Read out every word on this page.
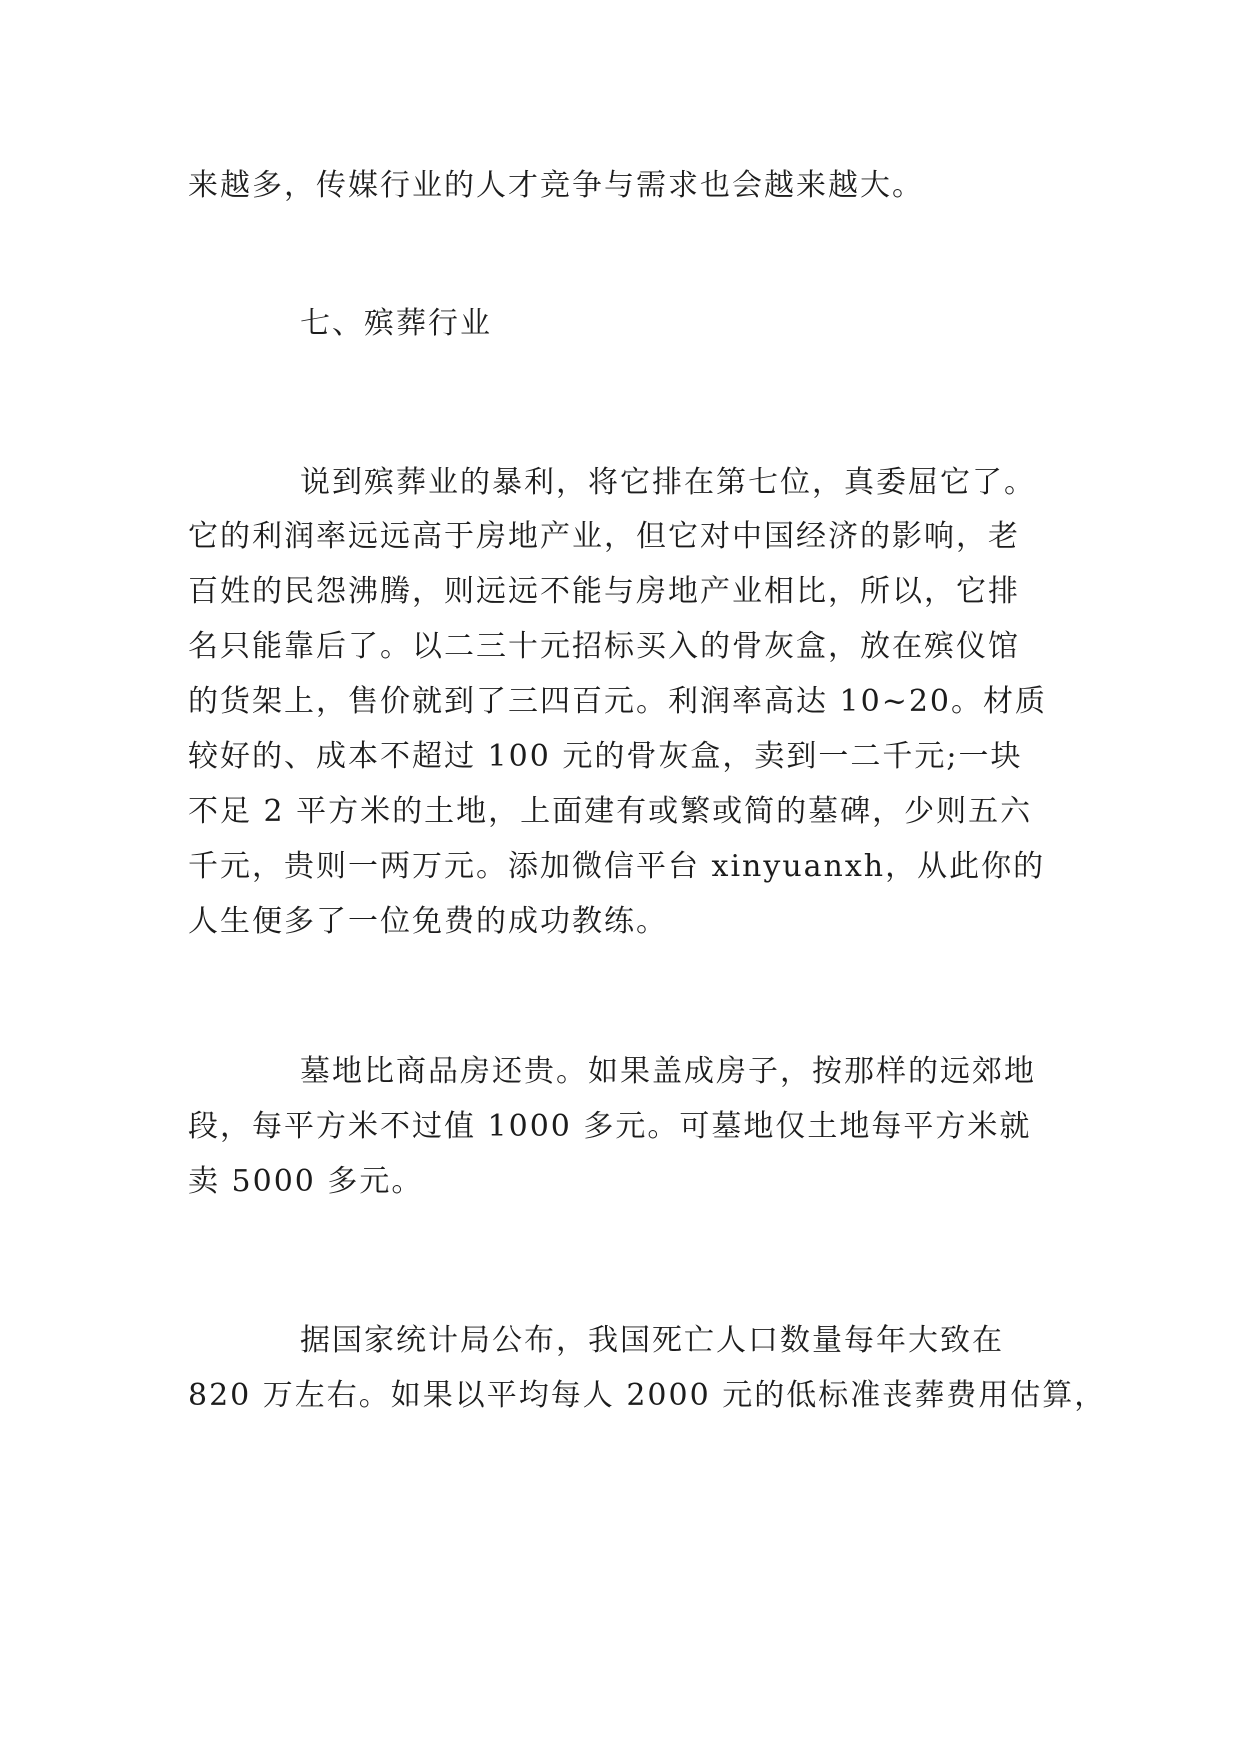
来越多，传媒行业的人才竞争与需求也会越来越大。
七、殡葬行业
说到殡葬业的暴利，将它排在第七位，真委屈它了。
它的利润率远远高于房地产业，但它对中国经济的影响，老
百姓的民怨沸腾，则远远不能与房地产业相比，所以，它排
名只能靠后了。以二三十元招标买入的骨灰盒，放在殡仪馆
的货架上，售价就到了三四百元。利润率高达 10~20。材质
较好的、成本不超过 100 元的骨灰盒，卖到一二千元;一块
不足 2 平方米的土地，上面建有或繁或简的墓碑，少则五六
千元，贵则一两万元。添加微信平台 xinyuanxh，从此你的
人生便多了一位免费的成功教练。
墓地比商品房还贵。如果盖成房子，按那样的远郊地
段，每平方米不过值 1000 多元。可墓地仅土地每平方米就
卖 5000 多元。
据国家统计局公布，我国死亡人口数量每年大致在
820 万左右。如果以平均每人 2000 元的低标准丧葬费用估算，
